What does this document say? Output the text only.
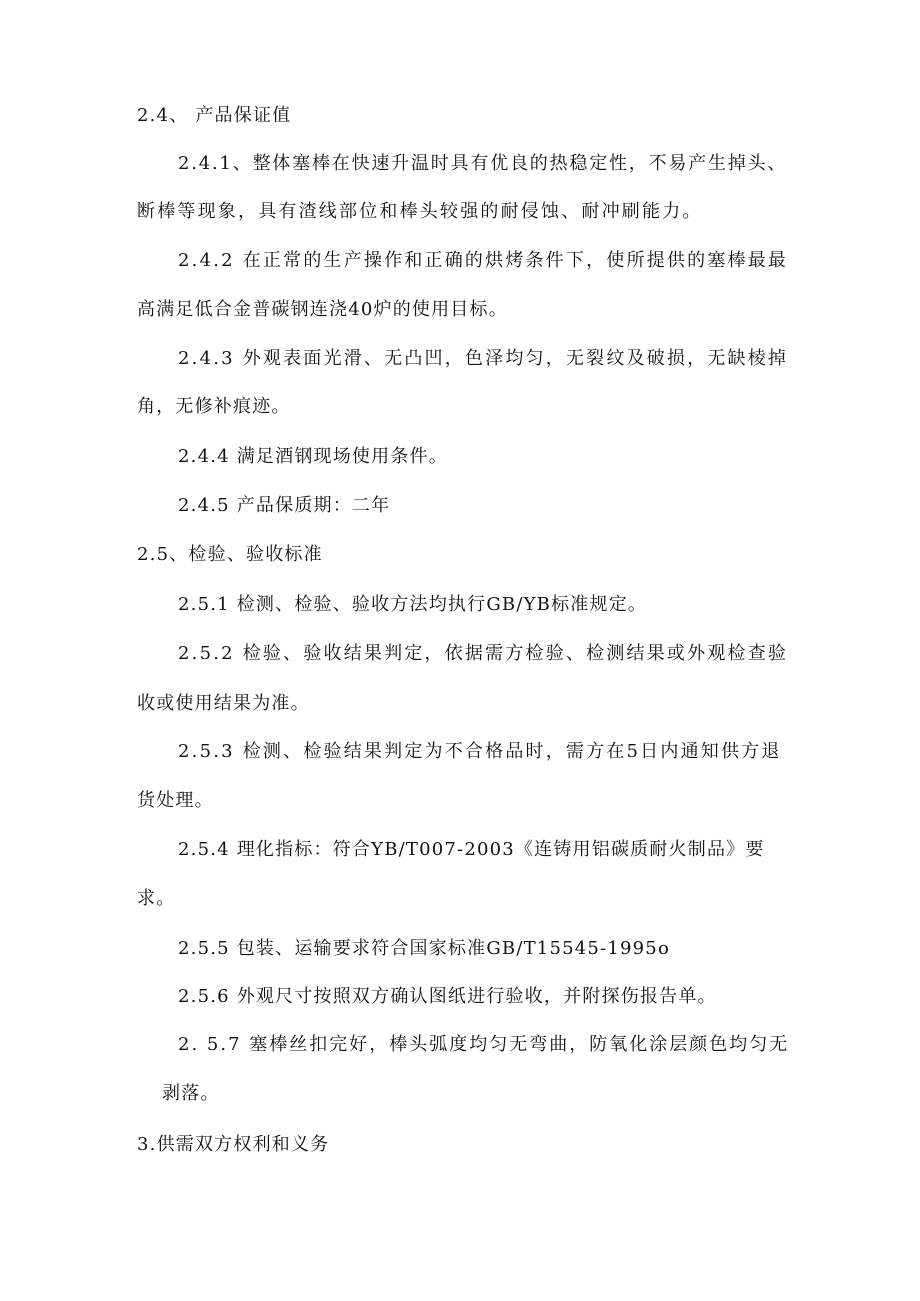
2.4、 产品保证值
2.4.1、整体塞棒在快速升温时具有优良的热稳定性，不易产生掉头、
断棒等现象，具有渣线部位和棒头较强的耐侵蚀、耐冲刷能力。
2.4.2 在正常的生产操作和正确的烘烤条件下，使所提供的塞棒最最
高满足低合金普碳钢连浇40炉的使用目标。
2.4.3 外观表面光滑、无凸凹，色泽均匀，无裂纹及破损，无缺棱掉
角，无修补痕迹。
2.4.4 满足酒钢现场使用条件。
2.4.5 产品保质期：二年
2.5、检验、验收标准
2.5.1 检测、检验、验收方法均执行GB/YB标准规定。
2.5.2 检验、验收结果判定，依据需方检验、检测结果或外观检查验
收或使用结果为准。
2.5.3 检测、检验结果判定为不合格品时，需方在5日内通知供方退
货处理。
2.5.4 理化指标：符合YB/T007-2003《连铸用铝碳质耐火制品》要
求。
2.5.5 包装、运输要求符合国家标准GB/T15545-1995o
2.5.6 外观尺寸按照双方确认图纸进行验收，并附探伤报告单。
2. 5.7 塞棒丝扣完好，棒头弧度均匀无弯曲，防氧化涂层颜色均匀无
剥落。
3.供需双方权利和义务
